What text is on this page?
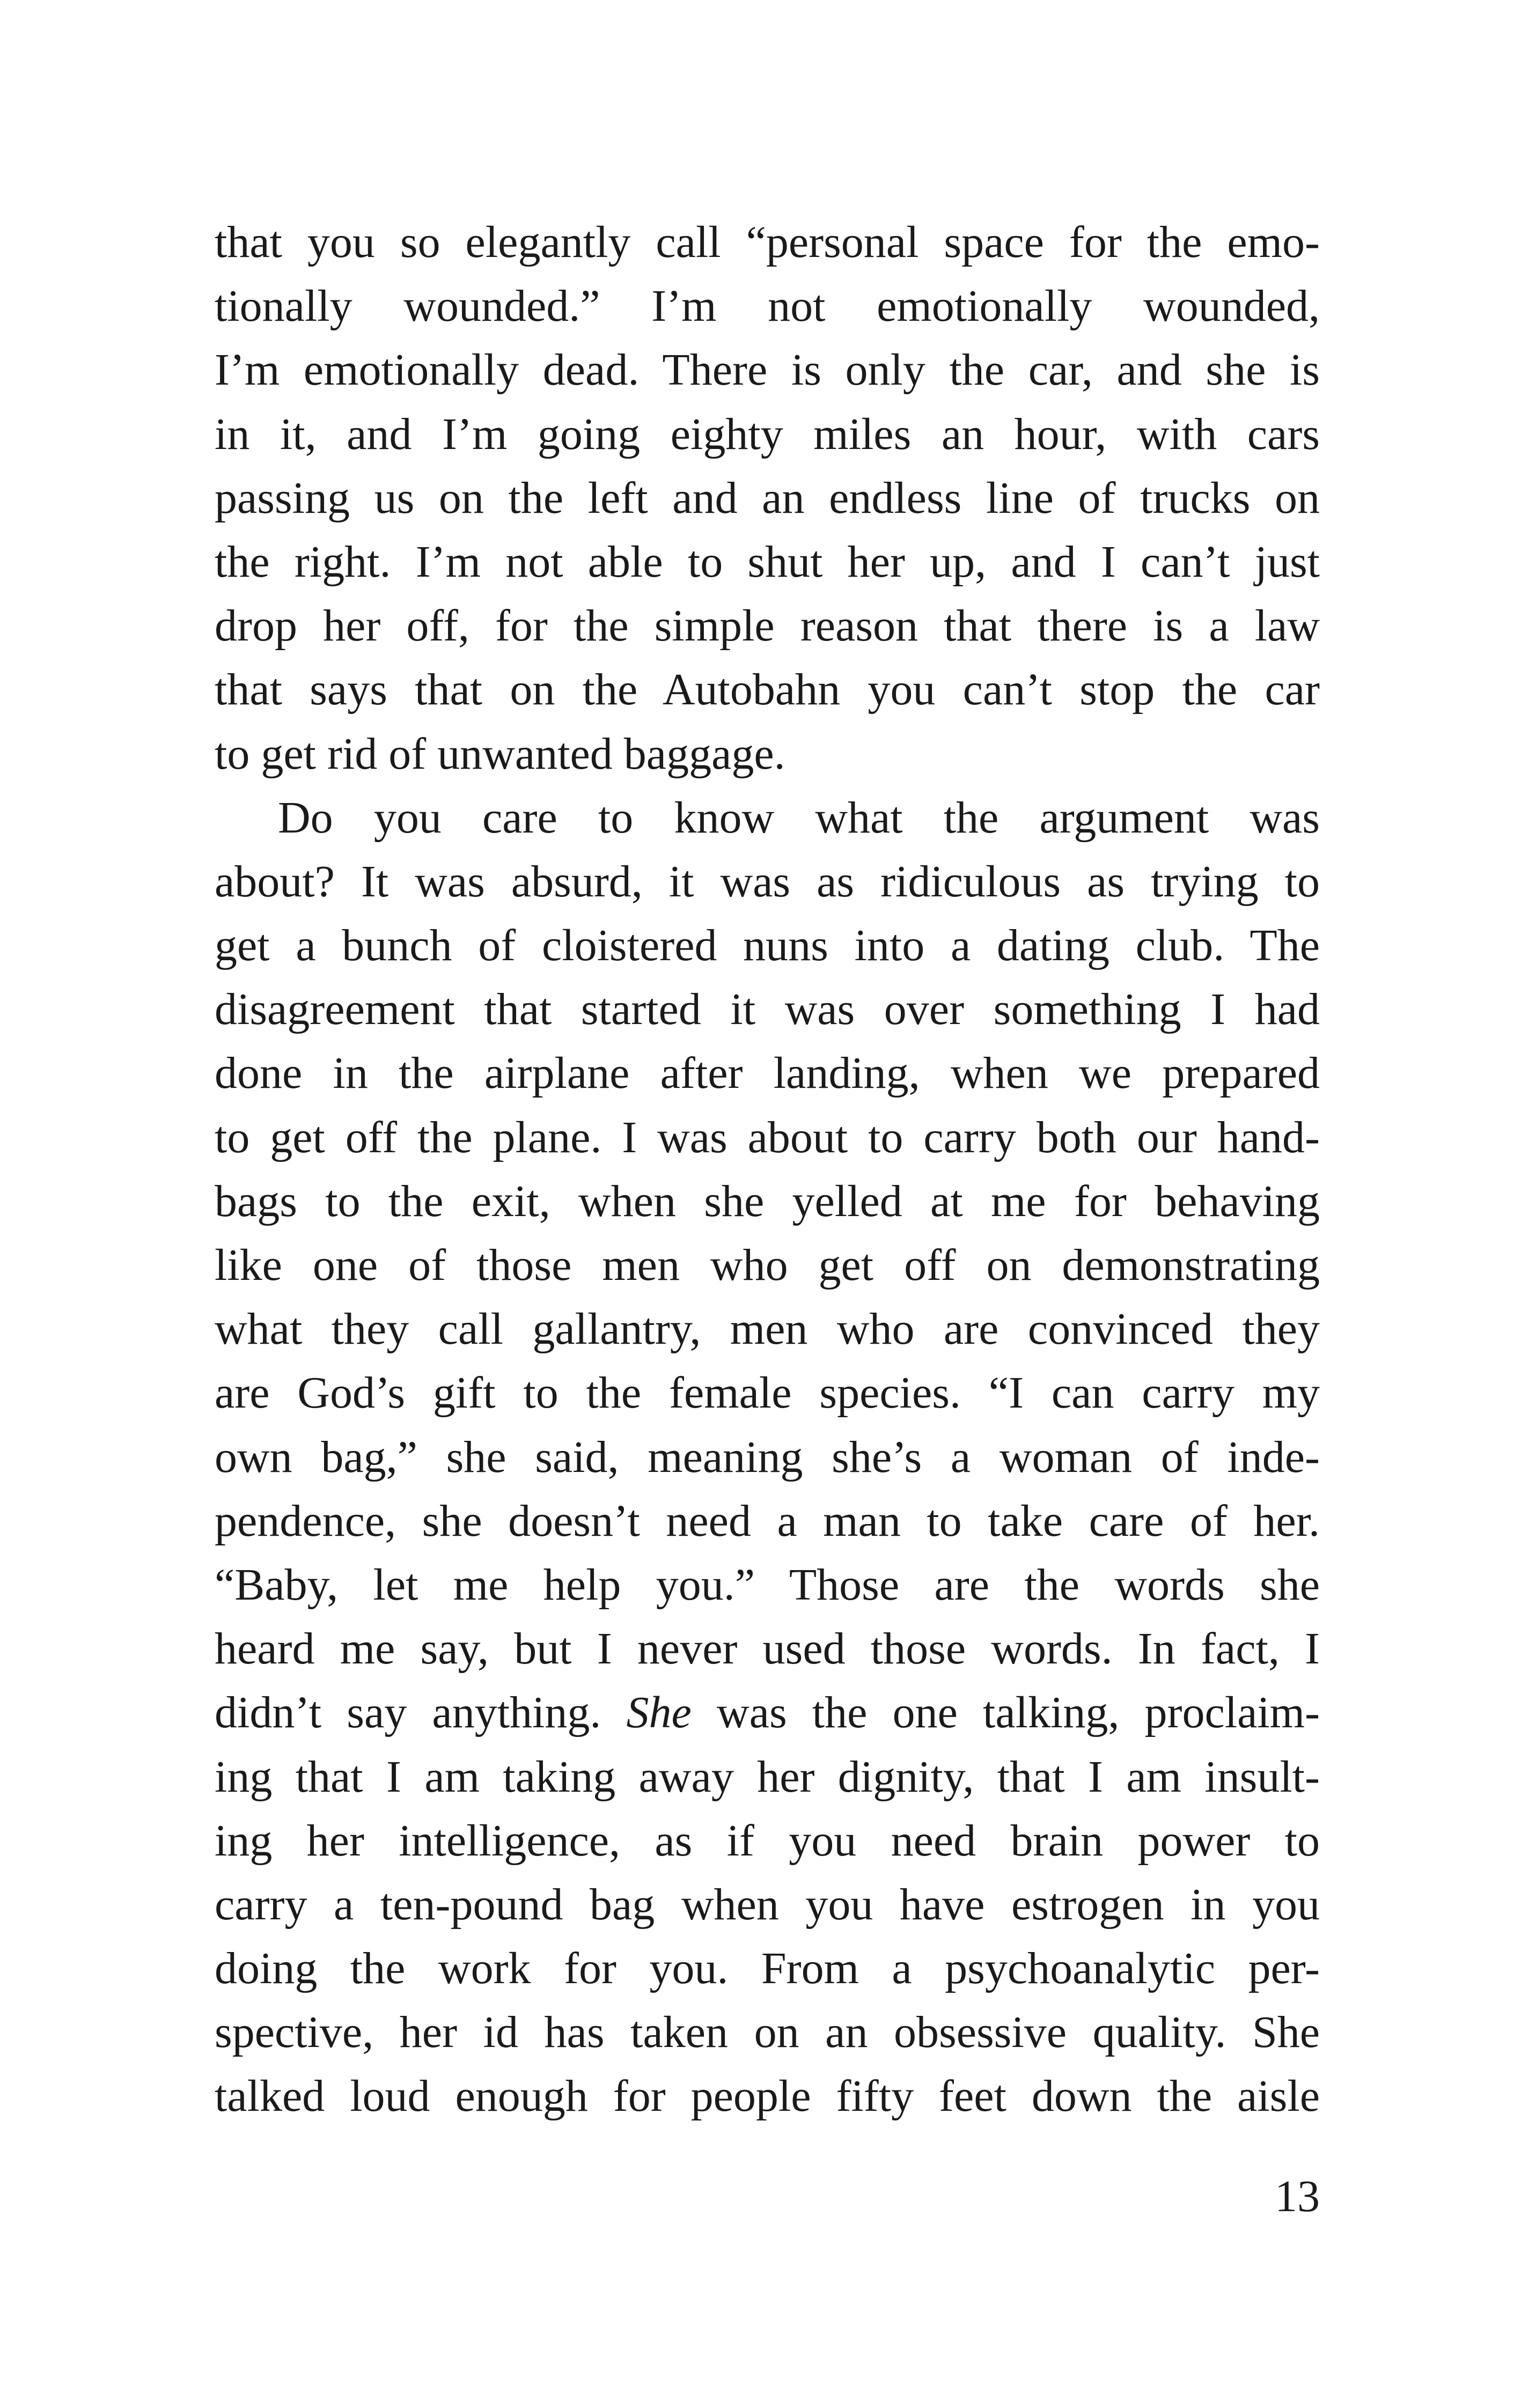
that you so elegantly call “personal space for the emo-
tionally wounded.” I’m not emotionally wounded,
I’m emotionally dead. There is only the car, and she is
in it, and I’m going eighty miles an hour, with cars
passing us on the left and an endless line of trucks on
the right. I’m not able to shut her up, and I can’t just
drop her off, for the simple reason that there is a law
that says that on the Autobahn you can’t stop the car
to get rid of unwanted baggage.

Do you care to know what the argument was
about? It was absurd, it was as ridiculous as trying to
get a bunch of cloistered nuns into a dating club. The
disagreement that started it was over something I had
done in the airplane after landing, when we prepared
to get off the plane. I was about to carry both our hand-
bags to the exit, when she yelled at me for behaving
like one of those men who get off on demonstrating
what they call gallantry, men who are convinced they
are God’s gift to the female species. “I can carry my
own bag,” she said, meaning she’s a woman of inde-
pendence, she doesn’t need a man to take care of her.
“Baby, let me help you.” Those are the words she
heard me say, but I never used those words. In fact, I
didn’t say anything. She was the one talking, proclaim-
ing that I am taking away her dignity, that I am insult-
ing her intelligence, as if you need brain power to
carry a ten-pound bag when you have estrogen in you
doing the work for you. From a psychoanalytic per-
spective, her id has taken on an obsessive quality. She
talked loud enough for people fifty feet down the aisle

13
